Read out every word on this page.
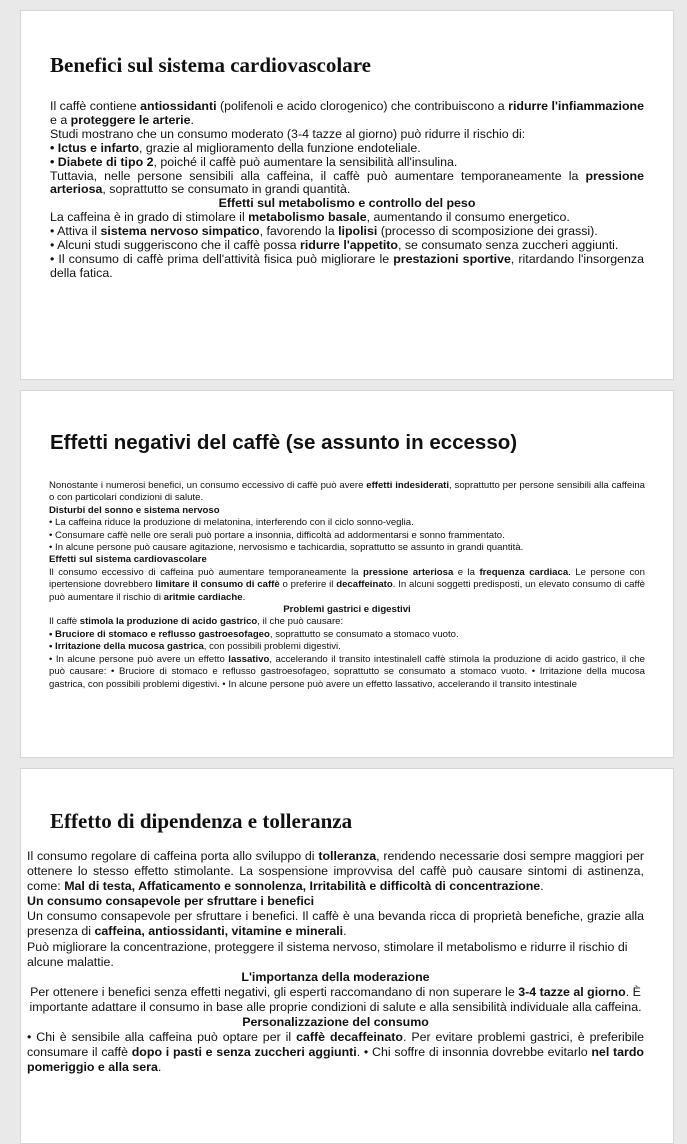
Benefici sul sistema cardiovascolare

Il caffè contiene antiossidanti (polifenoli e acido clorogenico) che contribuiscono a ridurre l'infiammazione e a proteggere le arterie.

Studi mostrano che un consumo moderato (3-4 tazze al giorno) può ridurre il rischio di:

• Ictus e infarto, grazie al miglioramento della funzione endoteliale.

• Diabete di tipo 2, poiché il caffè può aumentare la sensibilità all'insulina.

Tuttavia, nelle persone sensibili alla caffeina, il caffè può aumentare temporaneamente la pressione arteriosa, soprattutto se consumato in grandi quantità.

Effetti sul metabolismo e controllo del peso

La caffeina è in grado di stimolare il metabolismo basale, aumentando il consumo energetico.

• Attiva il sistema nervoso simpatico, favorendo la lipolisi (processo di scomposizione dei grassi).

• Alcuni studi suggeriscono che il caffè possa ridurre l'appetito, se consumato senza zuccheri aggiunti.

• Il consumo di caffè prima dell'attività fisica può migliorare le prestazioni sportive, ritardando l'insorgenza della fatica.

Effetti negativi del caffè (se assunto in eccesso)

Nonostante i numerosi benefici, un consumo eccessivo di caffè può avere effetti indesiderati, soprattutto per persone sensibili alla caffeina o con particolari condizioni di salute.

Disturbi del sonno e sistema nervoso

• La caffeina riduce la produzione di melatonina, interferendo con il ciclo sonno-veglia.

• Consumare caffè nelle ore serali può portare a insonnia, difficoltà ad addormentarsi e sonno frammentato.

• In alcune persone può causare agitazione, nervosismo e tachicardia, soprattutto se assunto in grandi quantità.

Effetti sul sistema cardiovascolare

Il consumo eccessivo di caffeina può aumentare temporaneamente la pressione arteriosa e la frequenza cardiaca. Le persone con ipertensione dovrebbero limitare il consumo di caffè o preferire il decaffeinato. In alcuni soggetti predisposti, un elevato consumo di caffè può aumentare il rischio di aritmie cardiache.

Problemi gastrici e digestivi

Il caffè stimola la produzione di acido gastrico, il che può causare:

• Bruciore di stomaco e reflusso gastroesofageo, soprattutto se consumato a stomaco vuoto.

• Irritazione della mucosa gastrica, con possibili problemi digestivi.

• In alcune persone può avere un effetto lassativo, accelerando il transito intestinalell caffè stimola la produzione di acido gastrico, il che può causare: • Bruciore di stomaco e reflusso gastroesofageo, soprattutto se consumato a stomaco vuoto. • Irritazione della mucosa gastrica, con possibili problemi digestivi. • In alcune persone può avere un effetto lassativo, accelerando il transito intestinale

Effetto di dipendenza e tolleranza

Il consumo regolare di caffeina porta allo sviluppo di tolleranza, rendendo necessarie dosi sempre maggiori per ottenere lo stesso effetto stimolante. La sospensione improvvisa del caffè può causare sintomi di astinenza, come: Mal di testa, Affaticamento e sonnolenza, Irritabilità e difficoltà di concentrazione.

Un consumo consapevole per sfruttare i benefici

Un consumo consapevole per sfruttare i benefici. Il caffè è una bevanda ricca di proprietà benefiche, grazie alla presenza di caffeina, antiossidanti, vitamine e minerali.

Può migliorare la concentrazione, proteggere il sistema nervoso, stimolare il metabolismo e ridurre il rischio di alcune malattie.

L'importanza della moderazione

Per ottenere i benefici senza effetti negativi, gli esperti raccomandano di non superare le 3-4 tazze al giorno. È importante adattare il consumo in base alle proprie condizioni di salute e alla sensibilità individuale alla caffeina.

Personalizzazione del consumo

• Chi è sensibile alla caffeina può optare per il caffè decaffeinato. Per evitare problemi gastrici, è preferibile consumare il caffè dopo i pasti e senza zuccheri aggiunti. • Chi soffre di insonnia dovrebbe evitarlo nel tardo pomeriggio e alla sera.
